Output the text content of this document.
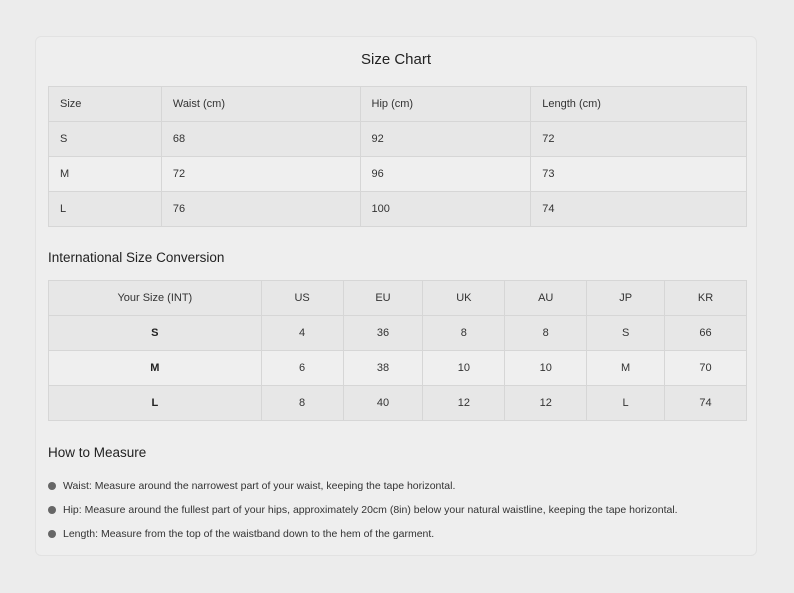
Size Chart
Size	Waist (cm)	Hip (cm)	Length (cm)
S	68	92	72
M	72	96	73
L	76	100	74
International Size Conversion
Your Size (INT)	US	EU	UK	AU	JP	KR
S	4	36	8	8	S	66
M	6	38	10	10	M	70
L	8	40	12	12	L	74
How to Measure
Waist: Measure around the narrowest part of your waist, keeping the tape horizontal.
Hip: Measure around the fullest part of your hips, approximately 20cm (8in) below your natural waistline, keeping the tape horizontal.
Length: Measure from the top of the waistband down to the hem of the garment.
